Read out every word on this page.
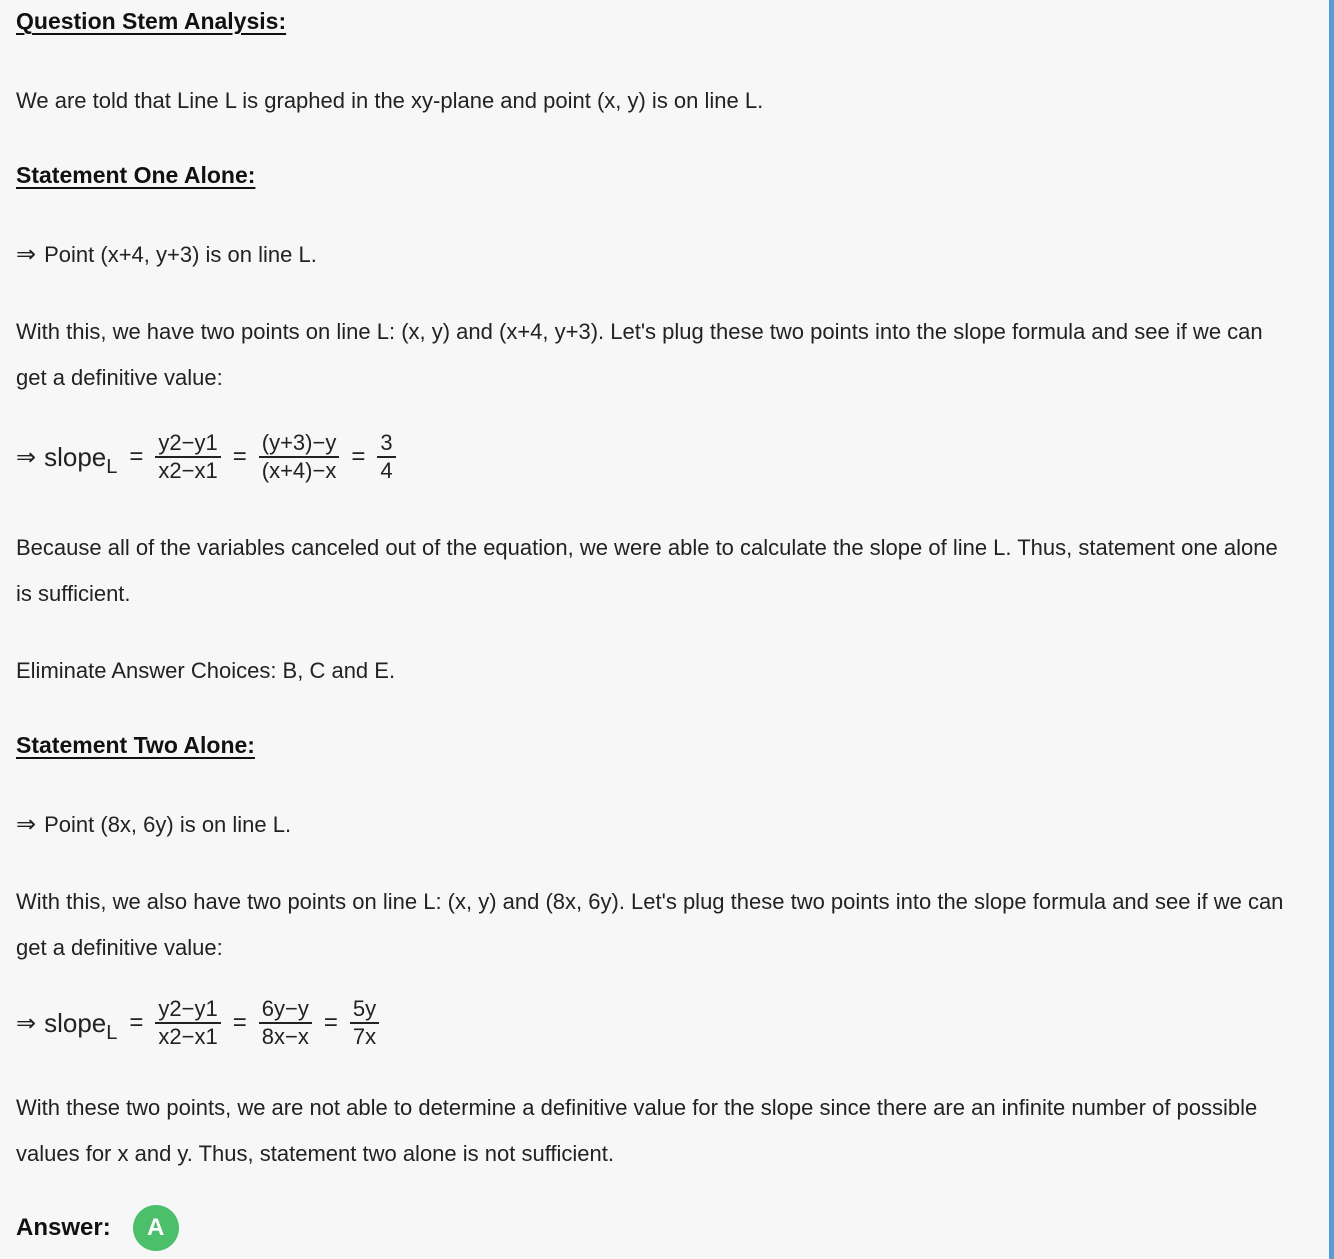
Question Stem Analysis:

We are told that Line L is graphed in the xy-plane and point (x, y) is on line L.

Statement One Alone:

⇒ Point (x+4, y+3) is on line L.

With this, we have two points on line L: (x, y) and (x+4, y+3). Let's plug these two points into the slope formula and see if we can get a definitive value:

⇒ slope $L = \frac{y2-y1}{x2-x1} = \frac{(y+3)-y}{(x+4)-x} = \frac{3}{4}$

Because all of the variables canceled out of the equation, we were able to calculate the slope of line L. Thus, statement one alone is sufficient.

Eliminate Answer Choices: B, C and E.

Statement Two Alone:

⇒ Point (8x, 6y) is on line L.

With this, we also have two points on line L: (x, y) and (8x, 6y). Let's plug these two points into the slope formula and see if we can get a definitive value:

⇒ slope $L = \frac{y2-y1}{x2-x1} = \frac{6y-y}{8x-x} = \frac{5y}{7x}$

With these two points, we are not able to determine a definitive value for the slope since there are an infinite number of possible values for x and y. Thus, statement two alone is not sufficient.

Answer:	A
